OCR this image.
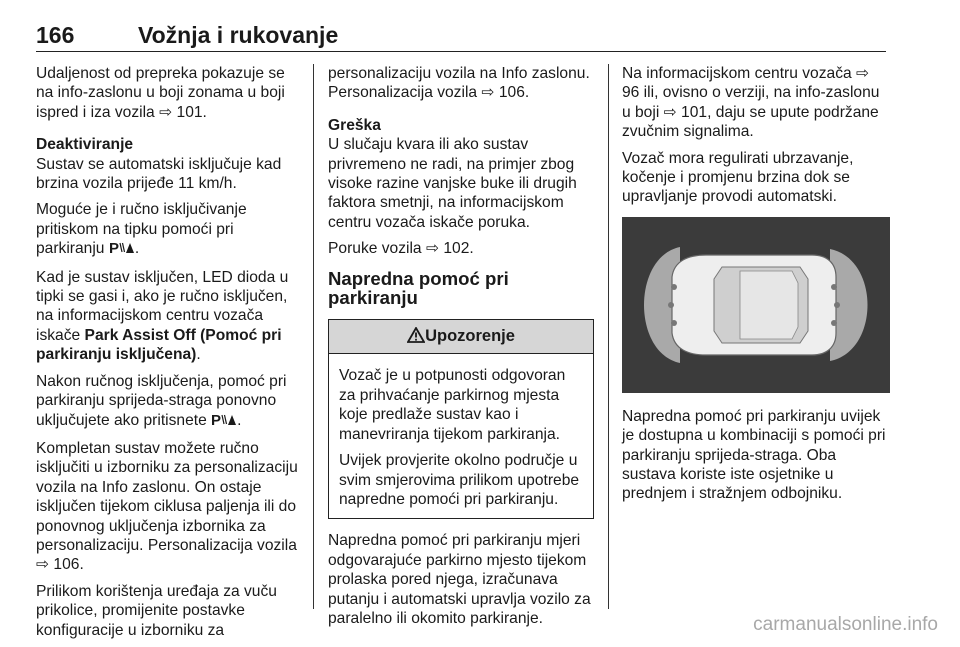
166	Vožnja i rukovanje

Udaljenost od prepreka pokazuje se na info-zaslonu u boji zonama u boji ispred i iza vozila ⇨ 101.

Deaktiviranje

Sustav se automatski isključuje kad brzina vozila prijeđe 11 km/h.

Moguće je i ručno isključivanje pritiskom na tipku pomoći pri parkiranju P .

Kad je sustav isključen, LED dioda u tipki se gasi i, ako je ručno isključen, na informacijskom centru vozača iskače Park Assist Off (Pomoć pri parkiranju isključena).

Nakon ručnog isključenja, pomoć pri parkiranju sprijeda-straga ponovno uključujete ako pritisnete P .

Kompletan sustav možete ručno isključiti u izborniku za personalizaciju vozila na Info zaslonu. On ostaje isključen tijekom ciklusa paljenja ili do ponovnog uključenja izbornika za personalizaciju. Personalizacija vozila ⇨ 106.

Prilikom korištenja uređaja za vuču prikolice, promijenite postavke konfiguracije u izborniku za

personalizaciju vozila na Info zaslonu. Personalizacija vozila ⇨ 106.

Greška

U slučaju kvara ili ako sustav privremeno ne radi, na primjer zbog visoke razine vanjske buke ili drugih faktora smetnji, na informacijskom centru vozača iskače poruka.

Poruke vozila ⇨ 102.

Napredna pomoć pri parkiranju

Upozorenje

Vozač je u potpunosti odgovoran za prihvaćanje parkirnog mjesta koje predlaže sustav kao i manevriranja tijekom parkiranja.

Uvijek provjerite okolno područje u svim smjerovima prilikom upotrebe napredne pomoći pri parkiranju.

Napredna pomoć pri parkiranju mjeri odgovarajuće parkirno mjesto tijekom prolaska pored njega, izračunava putanju i automatski upravlja vozilo za paralelno ili okomito parkiranje.

Na informacijskom centru vozača ⇨ 96 ili, ovisno o verziji, na info-zaslonu u boji ⇨ 101, daju se upute podržane zvučnim signalima.

Vozač mora regulirati ubrzavanje, kočenje i promjenu brzina dok se upravljanje provodi automatski.

Napredna pomoć pri parkiranju uvijek je dostupna u kombinaciji s pomoći pri parkiranju sprijeda-straga. Oba sustava koriste iste osjetnike u prednjem i stražnjem odbojniku.

carmanualsonline.info
